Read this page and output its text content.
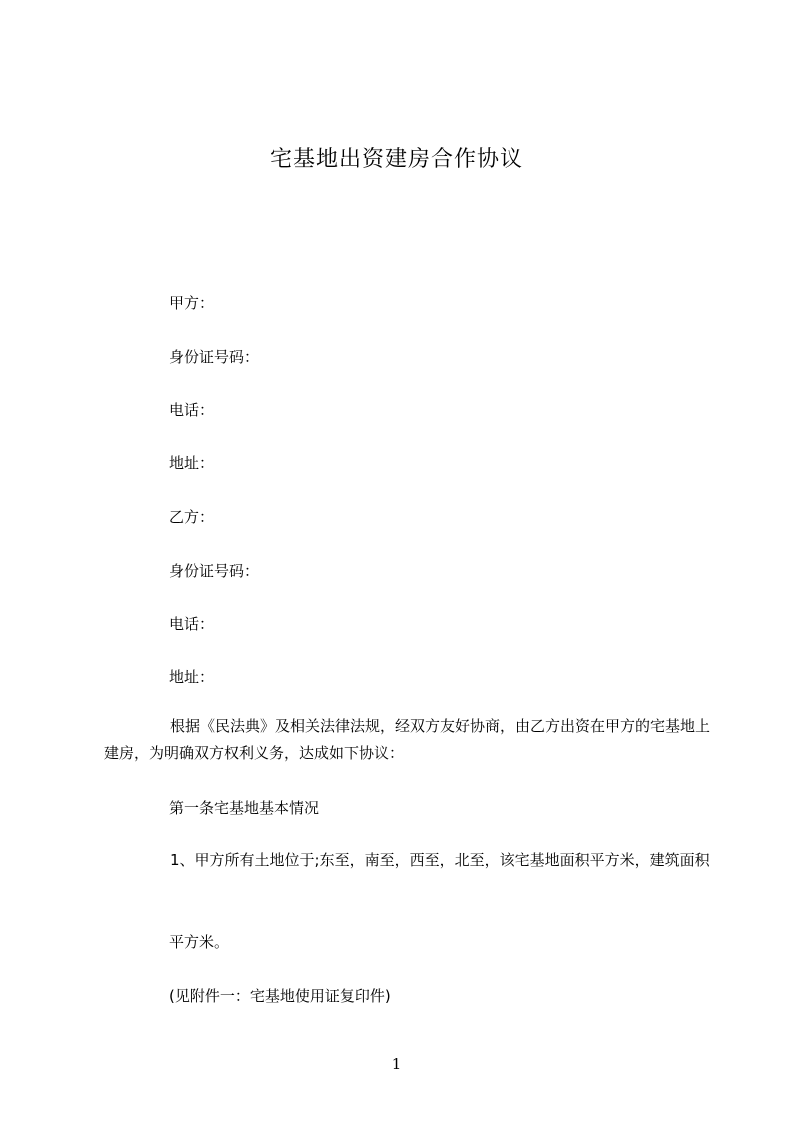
宅基地出资建房合作协议
甲方：
身份证号码：
电话：
地址：
乙方：
身份证号码：
电话：
地址：
根据《民法典》及相关法律法规，经双方友好协商，由乙方出资在甲方的宅基地上建房，为明确双方权利义务，达成如下协议：
第一条宅基地基本情况
1、甲方所有土地位于;东至，南至，西至，北至，该宅基地面积平方米，建筑面积
平方米。
(见附件一：宅基地使用证复印件)
1
